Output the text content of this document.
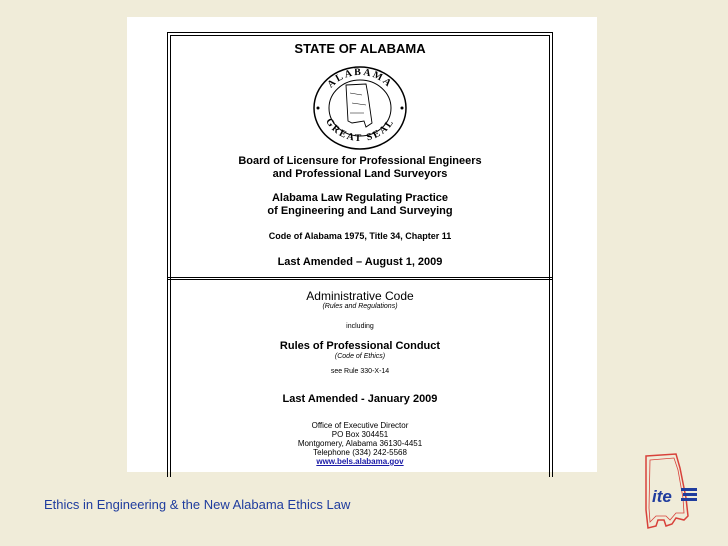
STATE OF ALABAMA
ALABAMA
GREAT SEAL
Board of Licensure for Professional Engineers
and Professional Land Surveyors
Alabama Law Regulating Practice
of Engineering and Land Surveying
Code of Alabama 1975, Title 34, Chapter 11
Last Amended – August 1, 2009
Administrative Code
(Rules and Regulations)
including
Rules of Professional Conduct
(Code of Ethics)
see Rule 330-X-14
Last Amended - January 2009
Office of Executive Director
PO Box 304451
Montgomery, Alabama 36130-4451
Telephone (334) 242-5568
www.bels.alabama.gov
Ethics in Engineering & the New Alabama Ethics Law	ite
